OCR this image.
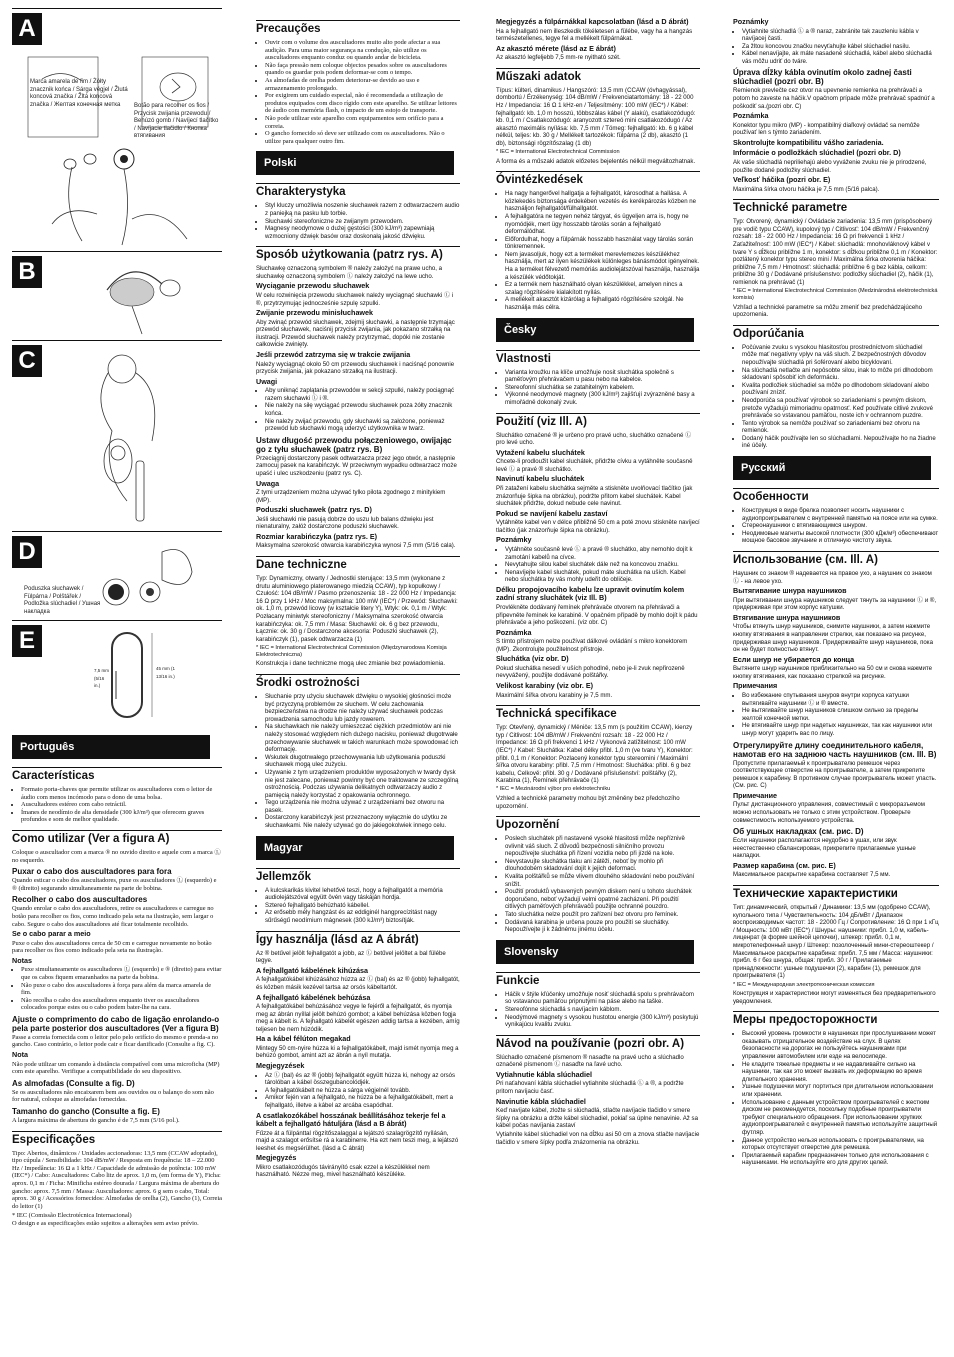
A
Marca amarela de fim / Żółty znacznik końca / Sárga végjel / Žlutá koncová značka / Žltá koncová značka / Желтая конечная метка	Botão para recolher os fios / Przycisk zwijania przewodu / Behúzó gomb / Navíjecí tlačítko / Navíjacie tlačidlo / Кнопка втягивания
B
C
D
Poduszka słuchawek / Fülpárna / Polštářek / Podložka slúchadiel / Ушная накладка
E
7,5 mm (5/16 in.)
45 mm (1 13/16 in.)
Português
Características
• Formato porta-chaves que permite utilizar os auscultadores com o leitor de áudio com menos incómodo para o dono de uma bolsa.
• Auscultadores estéreo com cabo retráctil.
• Ímanes de neodímio de alta densidade (300 kJ/m³) que oferecem graves profundos e som de melhor qualidade.
Como utilizar (Ver a figura A)

Coloque o auscultador com a marca ® no ouvido direito e aquele com a marca Ⓛ no esquerdo.

Puxar o cabo dos auscultadores para fora

Quando esticar o cabo dos auscultadores, puxe os auscultadores Ⓛ (esquerdo) e ® (direito) segurando simultaneamente na parte de bobina.

Recolher o cabo dos auscultadores

Quando enrolar o cabo dos auscultadores, retire os auscultadores e carregue no botão para recolher os fios, como indicado pela seta na ilustração, sem largar o cabo. Segure o cabo dos auscultadores até ficar totalmente recolhido.

Se o cabo parar a meio

Puxe o cabo dos auscultadores cerca de 50 cm e carregue novamente no botão para recolher os fios como indicado pela seta na ilustração.

Notas
• Puxe simultaneamente os auscultadores Ⓛ (esquerdo) e ® (direito) para evitar que os cabos fiquem emaranhados na parte da bobina.
• Não puxe o cabo dos auscultadores à força para além da marca amarela de fim.
• Não recolha o cabo dos auscultadores enquanto tiver os auscultadores colocados porque estes ou o cabo podem bater-lhe na cara.
Ajuste o comprimento do cabo de ligação enrolando-o pela parte posterior dos auscultadores (Ver a figura B)

Passe a correia fornecida com o leitor pelo pelo orifício do mesmo e prenda-a no gancho. Caso contrário, o leitor pode cair e ficar danificado (Consulte a fig. C).

Nota

Não pode utilizar um comando à distância compatível com uma microficha (MP) com este aparelho. Verifique a compatibilidade do seu dispositivo.

As almofadas (Consulte a fig. D)

Se os auscultadores não encaixarem bem aos ouvidos ou o balanço do som não for natural, coloque as almofadas fornecidas.

Tamanho do gancho (Consulte a fig. E)

A largura máxima de abertura do gancho é de 7,5 mm (5/16 pol.).

Especificações

Tipo: Abertos, dinâmicos / Unidades accionadoras: 13,5 mm (CCAW adoptado), tipo cúpula / Sensibilidade: 104 dB/mW / Resposta em frequência: 18 – 22.000 Hz / Impedância: 16 Ω a 1 kHz / Capacidade de admissão de potência: 100 mW (IEC*) / Cabo: Auscultadores: Cabo litz de aprox. 1,0 m, (em forma de Y), Ficha: aprox. 0,1 m / Ficha: Minificha estéreo dourada / Largura máxima de abertura do gancho: aprox. 7,5 mm / Massa: Auscultadores: aprox. 6 g sem o cabo, Total: aprox. 30 g / Acessórios fornecidos: Almofadas de orelha (2), Gancho (1), Correia do leitor (1)

* IEC (Comissão Electrotécnica Internacional)

O design e as especificações estão sujeitos a alterações sem aviso prévio.

Precauções
• Ouvir com o volume dos auscultadores muito alto pode afectar a sua audição. Para uma maior segurança na condução, não utilize os auscultadores enquanto conduz ou quando andar de bicicleta.
• Não faça pressão nem coloque objectos pesados sobre os auscultadores quando os guardar pois podem deformar-se com o tempo.
• As almofadas de orelha podem deteriorar-se devido ao uso e armazenamento prolongado.
• Por exigirem um cuidado especial, não é recomendada a utilização de produtos equipados com disco rígido com este aparelho. Se utilizar leitores de áudio com memória flash, o impacto de um estojo de transporte.
• Não pode utilizar este aparelho com equipamentos sem orifício para a correia.
• O gancho fornecido só deve ser utilizado com os auscultadores. Não o utilize para qualquer outro fim.
Polski
Charakterystyka
• Styl kluczy umożliwia noszenie słuchawek razem z odtwarzaczem audio z paniejką na pasku lub torbie.
• Słuchawki stereofoniczne ze zwijanym przewodem.
• Magnesy neodymowe o dużej gęstości (300 kJ/m³) zapewniają wzmocniony dźwięk basów oraz doskonałą jakość dźwięku.
Sposób użytkowania (patrz rys. A)

Słuchawkę oznaczoną symbolem ® należy założyć na prawe ucho, a słuchawkę oznaczoną symbolem Ⓛ należy założyć na lewe ucho.

Wyciąganie przewodu słuchawek

W celu rozwinięcia przewodu słuchawek należy wyciągnąć słuchawki Ⓛ i ®, przytrzymując jednocześnie szpulę szpulki.

Zwijanie przewodu minisłuchawek

Aby zwinąć przewód słuchawek, zdejmij słuchawki, a następnie trzymając przewód słuchawek, naciśnij przycisk zwijania, jak pokazano strzałką na ilustracji. Przewód słuchawek należy przytrzymać, dopóki nie zostanie całkowicie zwinięty.

Jeśli przewód zatrzyma się w trakcie zwijania

Należy wyciągnąć około 50 cm przewodu słuchawek i naciśnąć ponownie przycisk zwijania, jak pokazano strzałką na ilustracji.

Uwagi
• Aby uniknąć zaplątania przewodów w sekcji szpulki, należy pociągnąć razem słuchawki Ⓛ i ®.
• Nie należy na siłę wyciągać przewodu słuchawek poza żółty znacznik końca.
• Nie należy zwijać przewodu, gdy słuchawki są założone, ponieważ przewód lub słuchawki mogą uderzyć użytkownika w twarz.
Ustaw długość przewodu połączeniowego, owijając go z tyłu słuchawek (patrz rys. B)

Przeciągnij dostarczony pasek odtwarzacza przez jego otwór, a następnie zamocuj pasek na karabińczyk. W przeciwnym wypadku odtwarzacz może upaść i ulec uszkodzeniu (patrz rys. C).

Uwaga

Z tymi urządzeniem można używać tylko pilota zgodnego z minitykiem (MP).

Poduszki słuchawek (patrz rys. D)

Jeśli słuchawki nie pasują dobrze do uszu lub balans dźwięku jest nienaturalny, załóż dostarczone poduszki słuchawek.

Rozmiar karabińczyka (patrz rys. E)

Maksymalna szerokość otwarcia karabińczyka wynosi 7,5 mm (5/16 cala).

Dane techniczne

Typ: Dynamiczny, otwarty / Jednostki sterujące: 13,5 mm (wykonane z drutu aluminiowego platerowanego miedzią CCAW), typ kopułkowy / Czułość: 104 dB/mW / Pasmo przenoszenia: 18 - 22 000 Hz / Impedancja: 16 Ω przy 1 kHz / Moc maksymalna: 100 mW (IEC*) / Przewód: Słuchawki: ok. 1,0 m, przewód licowy (w kształcie litery Y), Wtyk: ok. 0,1 m / Wtyk: Pozłacany miniwtyk stereofoniczny / Maksymalna szerokość otwarcia karabińczyka: ok. 7,5 mm / Masa: Słuchawki: ok. 6 g bez przewodu, Łącznie: ok. 30 g / Dostarczone akcesoria: Poduszki słuchawek (2), karabińczyk (1), pasek odtwarzacza (1)

* IEC = International Electrotechnical Commission (Międzynarodowa Komisja Elektrotechniczna)

Konstrukcja i dane techniczne mogą ulec zmianie bez powiadomienia.

Środki ostrożności
• Słuchanie przy użyciu słuchawek dźwięku o wysokiej głośności może być przyczyną problemów ze słuchem. W celu zachowania bezpieczeństwa na drodze nie należy używać słuchawek podczas prowadzenia samochodu lub jazdy rowerem.
• Na słuchawkach nie należy umieszczać ciężkich przedmiotów ani nie należy stosować względem nich dużego nacisku, ponieważ długotrwałe przechowywanie słuchawek w takich warunkach może spowodować ich deformację.
• Wskutek długotrwałego przechowywania lub użytkowania poduszki słuchawek mogą ulec zużyciu.
• Używanie z tym urządzeniem produktów wyposażonych w twardy dysk nie jest zalecane, ponieważ powinny być one traktowane ze szczególną ostrożnością. Podczas używania delikatnych odtwarzaczy audio z pamięcią należy korzystać z opakowania ochronnego.
• Tego urządzenia nie można używać z urządzeniami bez otworu na pasek.
• Dostarczony karabińczyk jest przeznaczony wyłącznie do użytku ze słuchawkami. Nie należy używać go do jakiegokolwiek innego celu.
Magyar
Jellemzők
• A kulcskarikás kivitel lehetővé teszi, hogy a fejhallgatót a memória audiolejátszóval együtt övén vagy táskáján hordja.
• Sztereó fejhallgató behúzható kábellel.
• Az erősebb mély hangzást és az eddiginél hangprecízitást nagy sűrűségű neodímium mágnesek (300 kJ/m³) biztosítják.
Így használja (lásd az A ábrát)

Az ® betűvel jelölt fejhallgatót a jobb, az Ⓛ betűvel jelöltet a bal fülébe tegye.

A fejhallgató kábelének kihúzása

A fejhallgatókábel kihúzásához húzza az Ⓛ (bal) és az ® (jobb) fejhallgatót, és közben másik kezével tartsa az orsós kábeltartót.

A fejhallgató kábelének behúzása

A fejhallgatókábel behúzásához vegye le fejéről a fejhallgatót, és nyomja meg az ábrán nyíllal jelölt behúzó gombot; a kábel behúzása közben fogja meg a kábelt is. A fejhallgató kábelét egészen addig tartsa a kezében, amíg teljesen be nem húzódik.

Ha a kábel félúton megakad

Mintegy 50 cm-nyire húzza ki a fejhallgatókábelt, majd ismét nyomja meg a behúzó gombot, amint azt az ábrán a nyíl mutatja.

Megjegyzések
• Az Ⓛ (bal) és az ® (jobb) fejhallgatót együtt húzza ki, nehogy az orsós tárolóban a kábel összegubancolódjék.
• A fejhallgatókábelt ne húzza a sárga végjelnél tovább.
• Amikor fején van a fejhallgató, ne húzza be a fejhallgatókábelt, mert a fejhallgató, illetve a kábel az arcába csapódhat.
A csatlakozókábel hosszának beállításához tekerje fel a kábelt a fejhallgató hátuljára (lásd a B ábrát)

Fűzze át a fülpánttal rögzítőszalaggal a lejátszó szalagrögzítő nyílásán, majd a szalagot erősítse rá a karabinerre. Ha ezt nem teszi meg, a lejátszó leeshet és megsérülhet. (lásd a C ábrát)

Megjegyzés

Mikro csatlakozódugós távirányító csak ezzel a készülékkel nem használható. Nézze meg, mivel használható készüléke.

Megjegyzés a fülpárnákkal kapcsolatban (lásd a D ábrát)

Ha a fejhallgató nem illeszkedik tökéletesen a fülébe, vagy ha a hangzás természetellenes, tegye fel a mellékelt fülpárnákat.

Az akasztó mérete (lásd az E ábrát)

Az akasztó legfeljebb 7,5 mm-re nyitható szét.

Műszaki adatok

Típus: külteri, dinamikus / Hangszóró: 13,5 mm (CCAW (óvhagyással), dombortú / Érzékenység: 104 dB/mW / Frekvenciatartomány: 18 - 22 000 Hz / Impedancia: 16 Ω 1 kHz-en / Teljesítmény: 100 mW (IEC*) / Kábel: fejhallgató: kb. 1,0 m hosszú, többszálas kábel (Y alakú), csatlakozódugó: kb. 0,1 m / Csatlakozódugó: aranyozott sztereó mini csatlakozódugó / Az akasztó maximális nyílása: kb. 7,5 mm / Tömeg: fejhallgató: kb. 6 g kábel nélkül, teljes: kb. 30 g / Mellékelt tartozékok: fülpárna (2 db), akasztó (1 db), biztonsági rögzítőszalag (1 db)

* IEC = International Electrotechnical Commission

A forma és a műszaki adatok előzetes bejelentés nélkül megváltozhatnak.

Óvintézkedések
• Ha nagy hangerővel hallgatja a fejhallgatót, károsodhat a hallása. A közlekedés biztonsága érdekében vezetés és kerékpározás közben ne használjon fejhallgatót/fülhallgatót.
• A fejhallgatóra ne tegyen nehéz tárgyat, és ügyeljen arra is, hogy ne nyomódjék, mert ügy hosszabb tárolás során a fejhallgató deformálódhat.
• Előfordulhat, hogy a fülpárnák hosszabb használat vagy tárolás során tönkremennek.
• Nem javasoljuk, hogy ezt a terméket merevlemezes készülékhez használja, mert az ilyen készülékek különleges bánásmódot igényelnek. Ha a terméket félvezető memóriás audiolejátszóval használja, használja a készülék védőtokját.
• Ez a termék nem használható olyan készülékkel, amelyen nincs a szalag rögzítésére kialakított nyílás.
• A mellékelt akasztót kizárólag a fejhallgató rögzítésére szolgál. Ne használja más célra.
Česky
Vlastnosti
• Varianta kroužku na klíče umožňuje nosit sluchátka společně s paměťovým přehrávačem u pasu nebo na kabelce.
• Stereofonní sluchátka se zatahitelným kabelem.
• Výkonné neodymové magnety (300 kJ/m³) zajišťují zvýrazněné basy a mimořádně dokonalý zvuk.
Použití (viz Ill. A)

Sluchátko označené ® je určeno pro pravé ucho, sluchátko označené Ⓛ pro levé ucho.

Vytažení kabelu sluchátek

Chcete-li prodloužit kabel sluchátek, přidržte cívku a vytáhněte současně levé Ⓛ a pravé ® sluchátko.

Navinutí kabelu sluchátek

Při zatažení kabelu sluchátka sejměte a stiskněte uvolňovací tlačítko (jak znázorňuje šipka na obrázku), podržte přitom kabel sluchátek. Kabel sluchátek přidržte, dokud nebude cele navinut.

Pokud se navíjení kabelu zastaví

Vytáhněte kabel ven v délce přibližně 50 cm a poté znovu stiskněte navíjecí tlačítko (jak znázorňuje šipka na obrázku).

Poznámky
• Vytáhněte současně levé Ⓛ a pravé ® sluchátko, aby nemohlo dojít k zamotání kabelů na cívce.
• Nevytahujte silou kabel sluchátek dále než na koncovou značku.
• Nenavíjejte kabel sluchátek, pokud máte sluchátka na uších. Kabel nebo sluchátka by vás mohly udeřit do obličeje.
Délku propojovacího kabelu lze upravit ovinutím kolem zadní strany sluchátek (viz Ill. B)

Provlékněte dodávaný řemínek přehrávače otvorem na přehrávači a připevněte řemínek ke karabině. V opačném případě by mohlo dojít k pádu přehrávače a jeho poškození. (viz obr. C)

Poznámka

S tímto přístrojem nelze používat dálkové ovládání s mikro konektorem (MP). Zkontrolujte použitelnost přístroje.

Sluchátka (viz obr. D)

Pokud sluchátka nesedí v uších pohodlně, nebo je-li zvuk nepřirozeně nevyvážený, použijte dodávané polštářky.

Velikost karabiny (viz obr. E)

Maximální šířka otvoru karabiny je 7,5 mm.

Technická specifikace

Typ: Otevřený, dynamický / Měniče: 13,5 mm (s použitím CCAW), kienzy typ / Citlivost: 104 dB/mW / Frekvenční rozsah: 18 - 22 000 Hz / Impedance: 16 Ω při frekvenci 1 kHz / Vykonová zatížitelnost: 100 mW (IEC*) / Kabel: Sluchátka: Kabel délky přibl. 1,0 m (ve tvaru Y), Konektor: přibl. 0,1 m / Konektor: Pozlacený konektor typu stereomini / Maximální šířka otvoru karabiny: přibl. 7,5 mm / Hmotnost: Sluchátka: přibl. 6 g bez kabelu, Celkově: přibl. 30 g / Dodávané příslušenství: polštářky (2), Karabina (1), Řemínek přehrávače (1)

* IEC = Mezinárodní výbor pro elektrotechniku

Vzhled a technické parametry mohou být změněny bez předchozího upozornění.

Upozornění
• Poslech sluchátek při nastavené vysoké hlasitosti může nepříznivě ovlivnit váš sluch. Z důvodů bezpečnosti silničního provozu nepoužívejte sluchátka při řízení vozidla nebo při jízdě na kole.
• Nevystavujte sluchátka tlaku ani zátěži, neboť by mohlo při dlouhodobém skladování dojít k jejich deformaci.
• Kvalita polštářků se může vlivem dlouhého skladování nebo používání snížit.
• Použití produktů vybavených pevným diskem není u tohoto sluchátek doporučeno, neboť vyžadují velmi opatrné zacházení. Při použití citlivých paměťových přehrávačů použijte ochranné pouzdro.
• Tato sluchátka nelze použít pro zařízení bez otvoru pro řemínek.
• Dodávaná karabina je určena pouze pro použití se sluchátky. Nepoužívejte ji k žádnému jinému účelu.
Slovensky
Funkcie
• Háčik v štýle kľúčenky umožňuje nosiť slúchadlá spolu s prehrávačom so vstavanou pamäťou pripnutými na páse alebo na taške.
• Stereofónne slúchadlá s navíjacím káblom.
• Neodýmové magnety s vysokou hustotou energie (300 kJ/m³) poskytujú vynikajúcu kvalitu zvuku.
Návod na používanie (pozri obr. A)

Slúchadlo označené písmenom ® nasaďte na pravé ucho a slúchadlo označené písmenom Ⓛ nasaďte na ľavé ucho.

Vytiahnutie kábla slúchadiel

Pri naťahovaní kábla slúchadiel vytiahnite slúchadlá Ⓛ a ®, a podržte pritom navíjaciu časť.

Navinutie kábla slúchadiel

Keď navíjate kábel, zložte si slúchadlá, stlačte navíjacie tlačidlo v smere šípky na obrázku a držte kábel slúchadiel, pokiaľ sa úplne nenavinie. Až sa kábel počas navíjania zastaví

Vytiahnite kábel slúchadiel von na dĺžku asi 50 cm a znova stlačte navíjacie tlačidlo v smere šípky podľa znázornenia na obrázku.

Poznámky
• Vytiahnite slúchadlá Ⓛ a ® naraz, zabránite tak zauzleniu kábla v navíjacej časti.
• Za žltou koncovou značku nevyťahujte kábel slúchadiel nasilu.
• Kábel nenavíjajte, ak máte nasadené slúchadlá, kábel alebo slúchadlá vás môžu udriť do tváre.
Úprava dĺžky kábla ovinutím okolo zadnej časti slúchadiel (pozri obr. B)

Remienok prevlečte cez otvor na upevnenie remienka na prehrávači a potom ho zaveste na háčik.V opačnom prípade môže prehrávač spadnúť a poškodiť sa.(pozri obr. C)

Poznámka

Konektor typu mikro (MP) - kompatibilný diaľkový ovládač sa nemôže používať len s týmto zariadením.

Skontrolujte kompatibilitu vášho zariadenia.
Informácie o podložkách slúchadiel (pozri obr. D)

Ak vaše slúchadlá nepriliehajú alebo vyváženie zvuku nie je prirodzené, použite dodané podložky slúchadiel.

Veľkosť háčika (pozri obr. E)

Maximálna šírka otvoru háčika je 7,5 mm (5/16 palca).

Technické parametre

Typ: Otvorený, dynamický / Ovládacie zariadenia: 13,5 mm (prispôsobený pre vodič typu CCAW), kupolový typ / Citlivosť: 104 dB/mW / Frekvenčný rozsah: 18 - 22 000 Hz / Impedancia: 16 Ω pri frekvencii 1 kHz / Zaťažiteľnosť: 100 mW (IEC*) / Kábel: slúchadlá: mnohovláknový kábel v tvare Y s dĺžkou približne 1 m, konektor: s dĺžkou približne 0,1 m / Konektor: pozlátený konektor typu stereo mini / Maximálna šírka otvorenia háčika: približne 7,5 mm / Hmotnosť: slúchadlá: približne 6 g bez kábla, celkom: približne 30 g / Dodávané príslušenstvo: podložky slúchadiel (2), háčik (1), remienok na prehrávač (1)

* IEC = International Electrotechnical Commission (Medzinárodná elektrotechnická komisia)

Vzhľad a technické parametre sa môžu zmeniť bez predchádzajúceho upozornenia.

Odporúčania
• Počúvanie zvuku s vysokou hlasitosťou prostredníctvom slúchadiel môže mať negatívny vplyv na váš sluch. Z bezpečnostných dôvodov nepoužívajte slúchadlá pri šoférovaní alebo bicyklovaní.
• Na slúchadlá netlačte ani nepôsobte silou, inak to môže pri dlhodobom skladovaní spôsobiť ich deformáciu.
• Kvalita podložiek slúchadiel sa môže po dlhodobom skladovaní alebo používaní zníziť.
• Neodporúča sa používať výrobok so zariadeniami s pevným diskom, pretože vyžadujú mimoriadnu opatrnosť. Keď používate citlivé zvukové prehrávače so vstavanou pamäťou, noste ich v ochrannom puzdre.
• Tento výrobok sa nemôže používať so zariadeniami bez otvoru na remienok.
• Dodaný háčik používajte len so slúchadlami. Nepoužívajte ho na žiadne iné účely.
Русский
Особенности
• Конструкция в виде брелка позволяет носить наушники с аудиопроигрывателем с внутренней памятью на поясе или на сумке.
• Стереонаушники с втягивающимся шнуром.
• Неодимовые магниты высокой плотности (300 кДж/м³) обеспечивают мощное басовое звучание и отличную чистоту звука.
Использование (см. Ill. A)

Наушник со знаком ® надевается на правое ухо, а наушник со знаком Ⓛ - на левое ухо.

Вытягивание шнура наушников

При вытягивании шнура наушников следует тянуть за наушники Ⓛ и ®, придерживая при этом корпус катушки.

Втягивание шнура наушников

Чтобы втянуть шнур наушников, снимите наушники, а затем нажмите кнопку втягивания в направлении стрелки, как показано на рисунке, придерживая шнур наушников. Придерживайте шнур наушников, пока он не будет полностью втянут.

Если шнур не убирается до конца

Вытяните шнур наушников приблизительно на 50 см и снова нажмите кнопку втягивания, как показано стрелкой на рисунке.

Примечания
• Во избежание спутывания шнуров внутри корпуса катушки вытягивайте наушники Ⓛ и ® вместе.
• Не вытягивайте шнур наушников слишком сильно за пределы желтой конечной метки.
• Не втягивайте шнур при надетых наушниках, так как наушники или шнур могут ударить вас по лицу.
Отрегулируйте длину соединительного кабеля, намотав его на заднюю часть наушников (см. Ill. B)

Пропустите прилагаемый к проигрывателю ремешок через соответствующее отверстие на проигрывателе, а затем прикрепите ремешок к карабину. В противном случае проигрыватель может упасть. (См. рис. C)

Примечание

Пульт дистанционного управления, совместимый с микроразъемом можно использовать не только с этим устройством. Проверьте совместимость используемого устройства.

Об ушных накладках (см. рис. D)

Если наушники располагаются неудобно в ушах, или звук неестественно сбалансирован, прикрепите прилагаемые ушные накладки.

Размер карабина (см. рис. E)

Максимальное раскрытие карабина составляет 7,5 мм.

Технические характеристики

Тип: динамический, открытый / Динамики: 13,5 мм (одобрено CCAW), купольного типа / Чувствительность: 104 дБ/мВт / Диапазон воспроизводимых частот: 18 - 22000 Гц / Сопротивление: 16 Ω при 1 кГц / Мощность: 100 мВт (IEC*) / Шнуры: наушники: прибл. 1,0 м, кабель-лиценрат (в форме шейной цепочки), штекер: прибл. 0,1 м, микротелефонный шнур / Штекер: позолоченный мини-стереоштекер / Максимальное раскрытие карабина: прибл. 7,5 мм / Масса: наушники: прибл. 6 г без шнура, общая: прибл. 30 г / Прилагаемые принадлежности: ушные подушечки (2), карабин (1), ремешок для проигрывателя (1)

* IEC = Международная электротехническая комиссия

Конструкция и характеристики могут изменяться без предварительного уведомления.

Меры предосторожности
• Высокий уровень громкости в наушниках при прослушивании может оказывать отрицательное воздействие на слух. В целях безопасности на дорогах не пользуйтесь наушниками при управлении автомобилем или езде на велосипеде.
• Не кладите тяжелые предметы и не надавливайте сильно на наушники, так как это может вызвать их деформацию во время длительного хранения.
• Ушные подушечки могут портиться при длительном использовании или хранении.
• Использование с данным устройством проигрывателей с жестким диском не рекомендуется, поскольку подобные проигрыватели требуют специального обращения. При использовании хрупких аудиопроигрывателей с внутренней памятью используйте защитный футляр.
• Данное устройство нельзя использовать с проигрывателями, на которых отсутствует отверстие для ремешка.
• Прилагаемый карабин предназначен только для использования с наушниками. Не используйте его для других целей.
